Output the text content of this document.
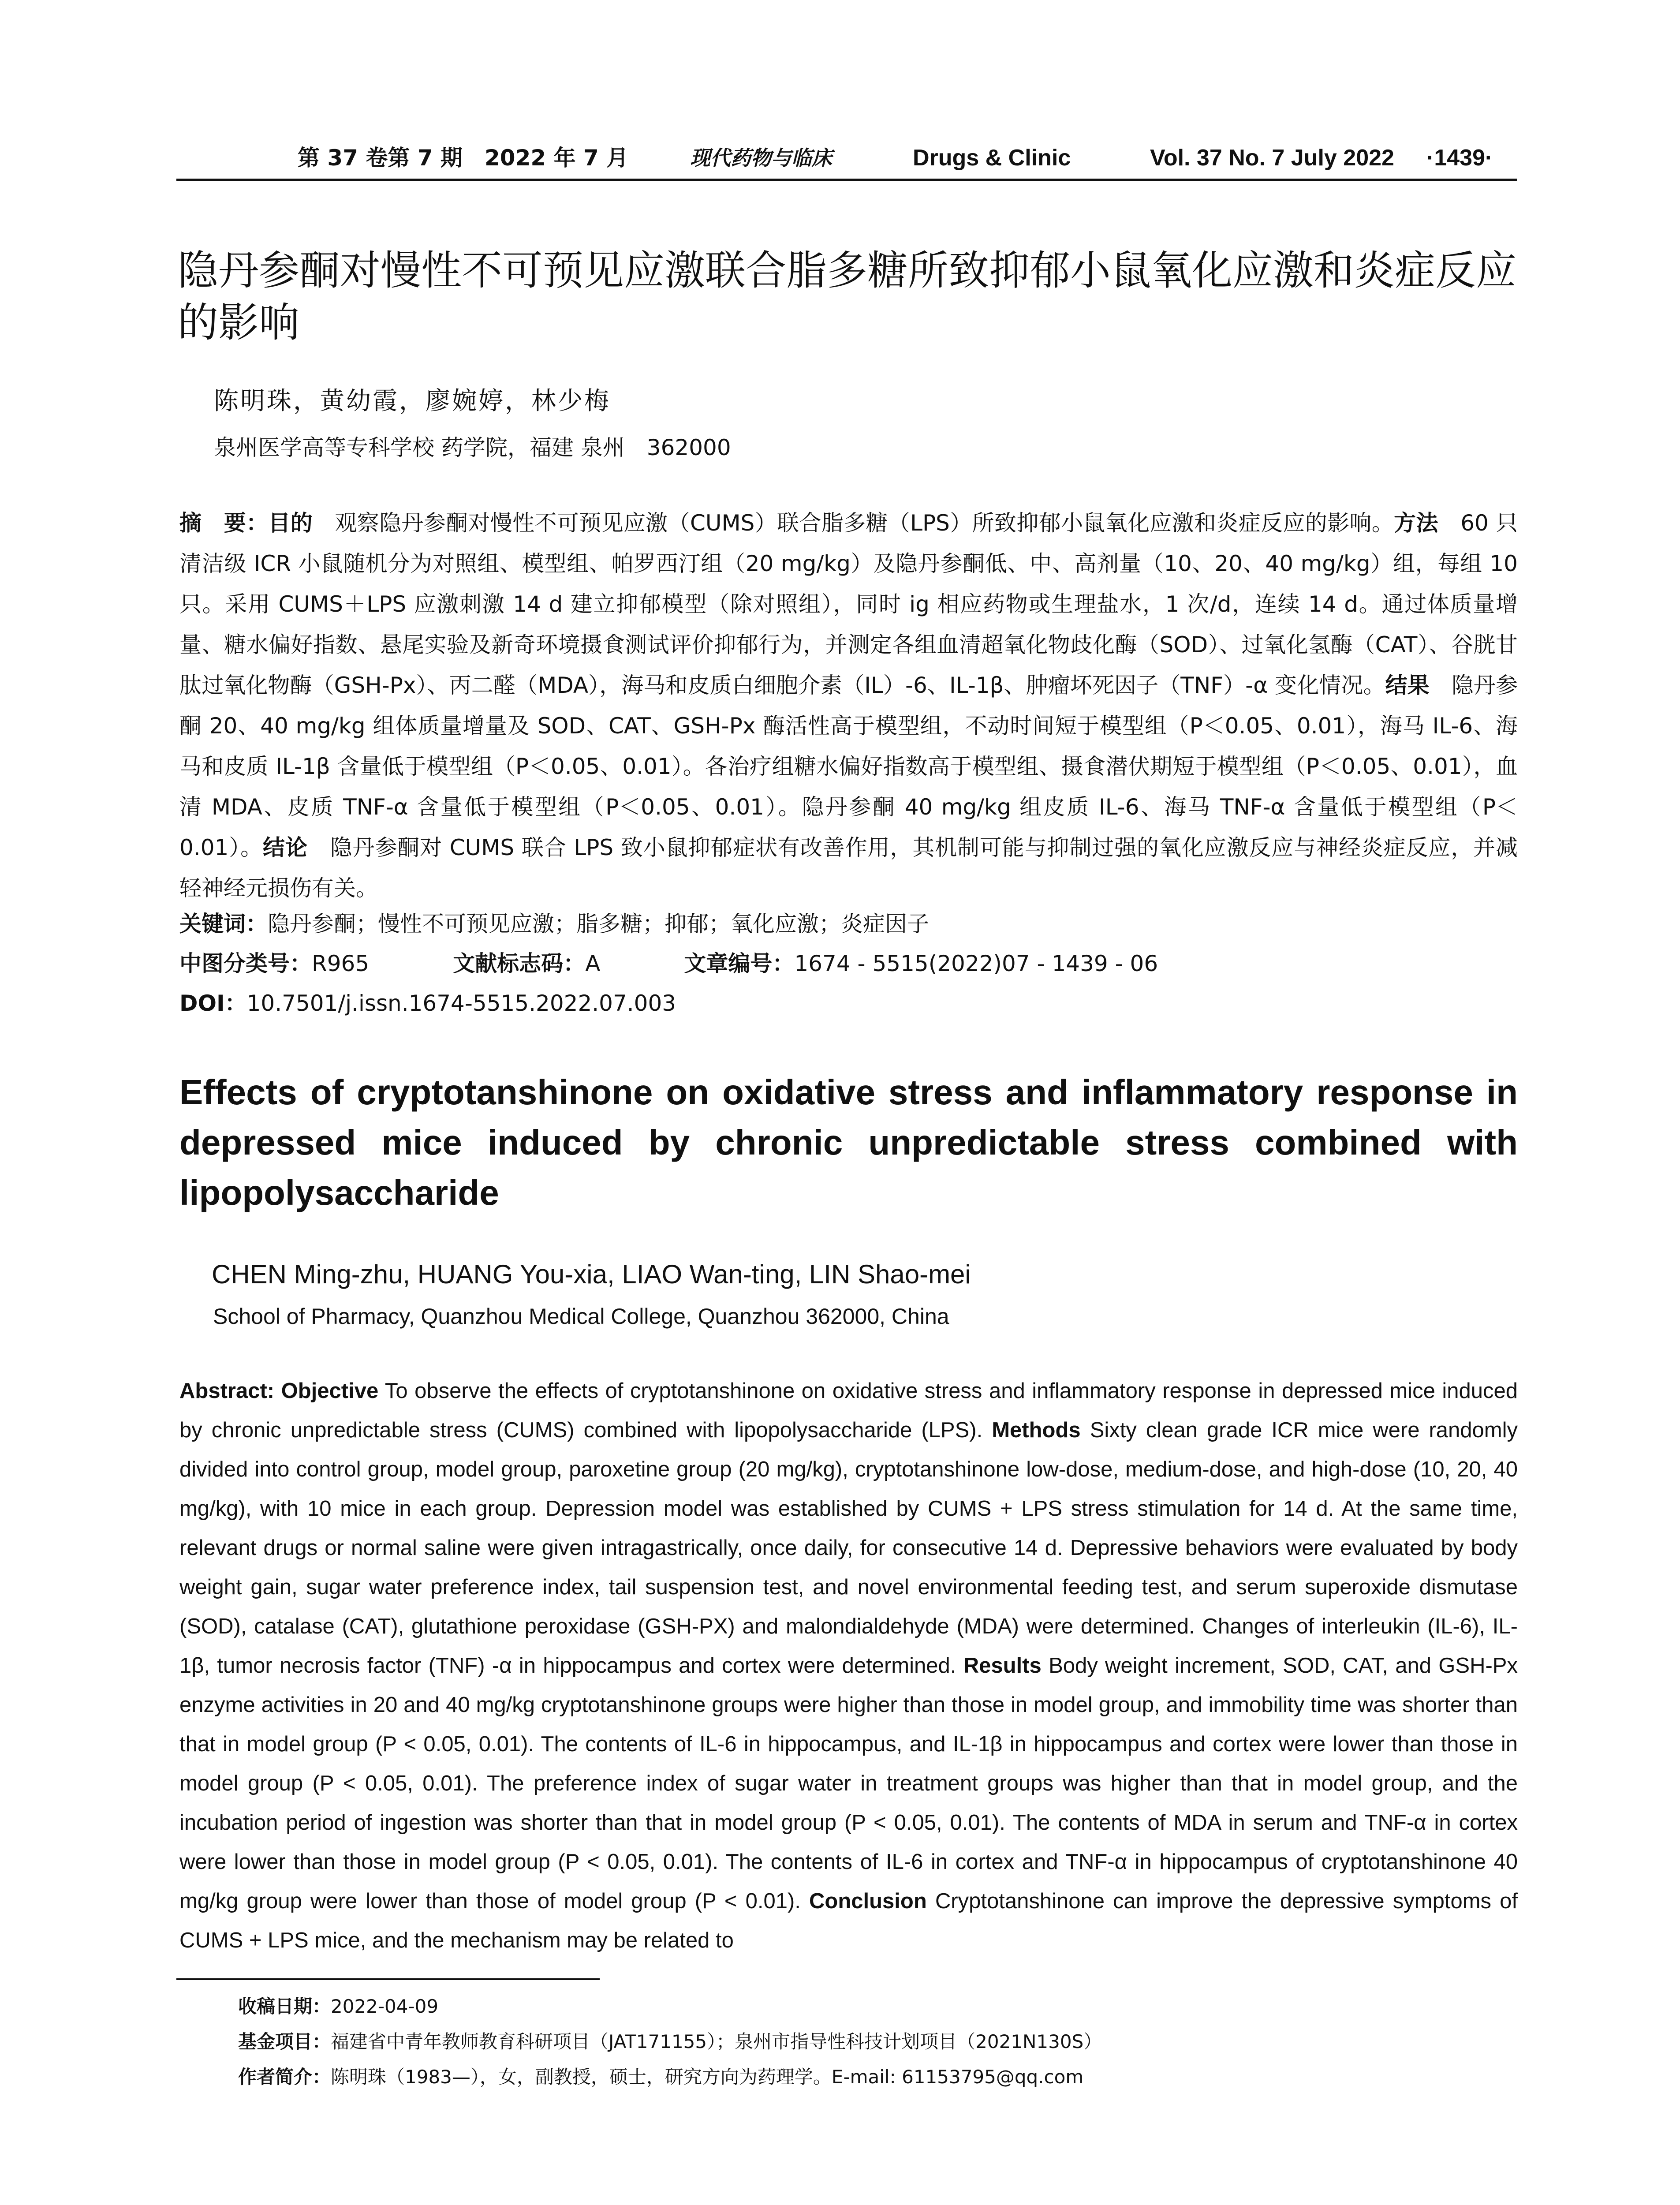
第 37 卷第 7 期　2022 年 7 月	现代药物与临床	Drugs & Clinic	Vol. 37 No. 7 July 2022 ·1439·
隐丹参酮对慢性不可预见应激联合脂多糖所致抑郁小鼠氧化应激和炎症反应的影响
陈明珠，黄幼霞，廖婉婷，林少梅
泉州医学高等专科学校 药学院，福建 泉州　362000

摘　要：目的　 观察隐丹参酮对慢性不可预见应激（CUMS）联合脂多糖（LPS）所致抑郁小鼠氧化应激和炎症反应的影响。方法　 60 只清洁级 ICR 小鼠随机分为对照组、模型组、帕罗西汀组（20 mg/kg）及隐丹参酮低、中、高剂量（10、20、40 mg/kg）组，每组 10 只。采用 CUMS＋LPS 应激刺激 14 d 建立抑郁模型（除对照组），同时 ig 相应药物或生理盐水，1 次/d，连续 14 d。通过体质量增量、糖水偏好指数、悬尾实验及新奇环境摄食测试评价抑郁行为，并测定各组血清超氧化物歧化酶（SOD）、过氧化氢酶（CAT）、谷胱甘肽过氧化物酶（GSH-Px）、丙二醛（MDA），海马和皮质白细胞介素（IL）-6、IL-1β、肿瘤坏死因子（TNF）-α 变化情况。结果　 隐丹参酮 20、40 mg/kg 组体质量增量及 SOD、CAT、GSH-Px 酶活性高于模型组，不动时间短于模型组（P＜0.05、0.01），海马 IL-6、海马和皮质 IL-1β 含量低于模型组（P＜0.05、0.01）。各治疗组糖水偏好指数高于模型组、摄食潜伏期短于模型组（P＜0.05、0.01），血清 MDA、皮质 TNF-α 含量低于模型组（P＜0.05、0.01）。隐丹参酮 40 mg/kg 组皮质 IL-6、海马 TNF-α 含量低于模型组（P＜0.01）。结论　 隐丹参酮对 CUMS 联合 LPS 致小鼠抑郁症状有改善作用，其机制可能与抑制过强的氧化应激反应与神经炎症反应，并减轻神经元损伤有关。

关键词：隐丹参酮；慢性不可预见应激；脂多糖；抑郁；氧化应激；炎症因子
中图分类号：R965	文献标志码：A	文章编号：1674 - 5515(2022)07 - 1439 - 06
DOI：10.7501/j.issn.1674-5515.2022.07.003
Effects of cryptotanshinone on oxidative stress and inflammatory response in depressed mice induced by chronic unpredictable stress combined with lipopolysaccharide
CHEN Ming-zhu, HUANG You-xia, LIAO Wan-ting, LIN Shao-mei
School of Pharmacy, Quanzhou Medical College, Quanzhou 362000, China

Abstract: Objective To observe the effects of cryptotanshinone on oxidative stress and inflammatory response in depressed mice induced by chronic unpredictable stress (CUMS) combined with lipopolysaccharide (LPS). Methods Sixty clean grade ICR mice were randomly divided into control group, model group, paroxetine group (20 mg/kg), cryptotanshinone low-dose, medium-dose, and high-dose (10, 20, 40 mg/kg), with 10 mice in each group. Depression model was established by CUMS + LPS stress stimulation for 14 d. At the same time, relevant drugs or normal saline were given intragastrically, once daily, for consecutive 14 d. Depressive behaviors were evaluated by body weight gain, sugar water preference index, tail suspension test, and novel environmental feeding test, and serum superoxide dismutase (SOD), catalase (CAT), glutathione peroxidase (GSH-PX) and malondialdehyde (MDA) were determined. Changes of interleukin (IL-6), IL-1β, tumor necrosis factor (TNF) -α in hippocampus and cortex were determined. Results Body weight increment, SOD, CAT, and GSH-Px enzyme activities in 20 and 40 mg/kg cryptotanshinone groups were higher than those in model group, and immobility time was shorter than that in model group (P < 0.05, 0.01). The contents of IL-6 in hippocampus, and IL-1β in hippocampus and cortex were lower than those in model group (P < 0.05, 0.01). The preference index of sugar water in treatment groups was higher than that in model group, and the incubation period of ingestion was shorter than that in model group (P < 0.05, 0.01). The contents of MDA in serum and TNF-α in cortex were lower than those in model group (P < 0.05, 0.01). The contents of IL-6 in cortex and TNF-α in hippocampus of cryptotanshinone 40 mg/kg group were lower than those of model group (P < 0.01). Conclusion Cryptotanshinone can improve the depressive symptoms of CUMS + LPS mice, and the mechanism may be related to

收稿日期：2022-04-09
基金项目：福建省中青年教师教育科研项目（JAT171155）；泉州市指导性科技计划项目（2021N130S）
作者简介：陈明珠（1983—），女，副教授，硕士，研究方向为药理学。E-mail: 61153795@qq.com
